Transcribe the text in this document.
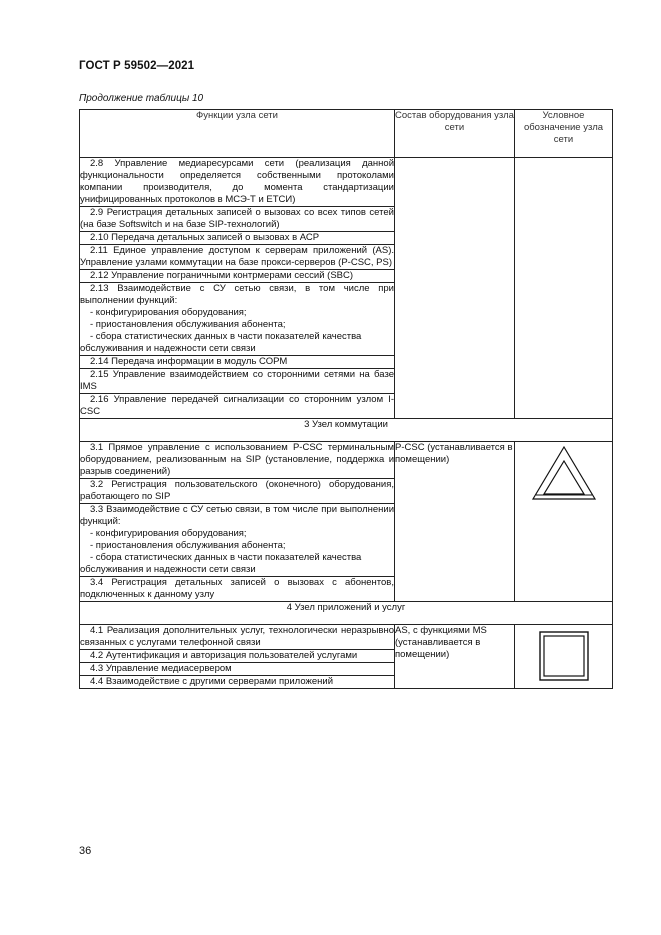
ГОСТ Р 59502—2021
Продолжение таблицы 10
Функции узла сети	Состав оборудования узла сети	Условное обозначение узла сети

2.8 Управление медиаресурсами сети (реализация данной функциональности определяется собственными протоколами компании производителя, до момента стандартизации унифицированных протоколов в МСЭ-Т и ЕТСИ)		

2.9 Регистрация детальных записей о вызовах со всех типов сетей (на базе Softswitch и на базе SIP-технологий)		

2.10 Передача детальных записей о вызовах в АСР		

2.11 Единое управление доступом к серверам приложений (AS). Управление узлами коммутации на базе прокси-серверов (P-CSC, PS)		

2.12 Управление пограничными контрмерами сессий (SBC)		

2.13 Взаимодействие с СУ сетью связи, в том числе при выполнении функций:
- конфигурирования оборудования;
- приостановления обслуживания абонента;
- сбора статистических данных в части показателей качества
обслуживания и надежности сети связи		

2.14 Передача информации в модуль СОРМ		

2.15 Управление взаимодействием со сторонними сетями на базе IMS		

2.16 Управление передачей сигнализации со сторонним узлом I-CSC		

3 Узел коммутации		

3.1 Прямое управление с использованием P-CSC терминальным оборудованием, реализованным на SIP (установление, поддержка и разрыв соединений)	P-CSC (устанавливается в помещении)	

3.2 Регистрация пользовательского (оконечного) оборудования, работающего по SIP		

3.3 Взаимодействие с СУ сетью связи, в том числе при выполнении функций:
- конфигурирования оборудования;
- приостановления обслуживания абонента;
- сбора статистических данных в части показателей качества
обслуживания и надежности сети связи		

3.4 Регистрация детальных записей о вызовах с абонентов, подключенных к данному узлу		

4 Узел приложений и услуг		

4.1 Реализация дополнительных услуг, технологически неразрывно связанных с услугами телефонной связи	AS, с функциями MS (устанавливается в помещении)	

4.2 Аутентификация и авторизация пользователей услугами		

4.3 Управление медиасервером		

4.4 Взаимодействие с другими серверами приложений		
36
